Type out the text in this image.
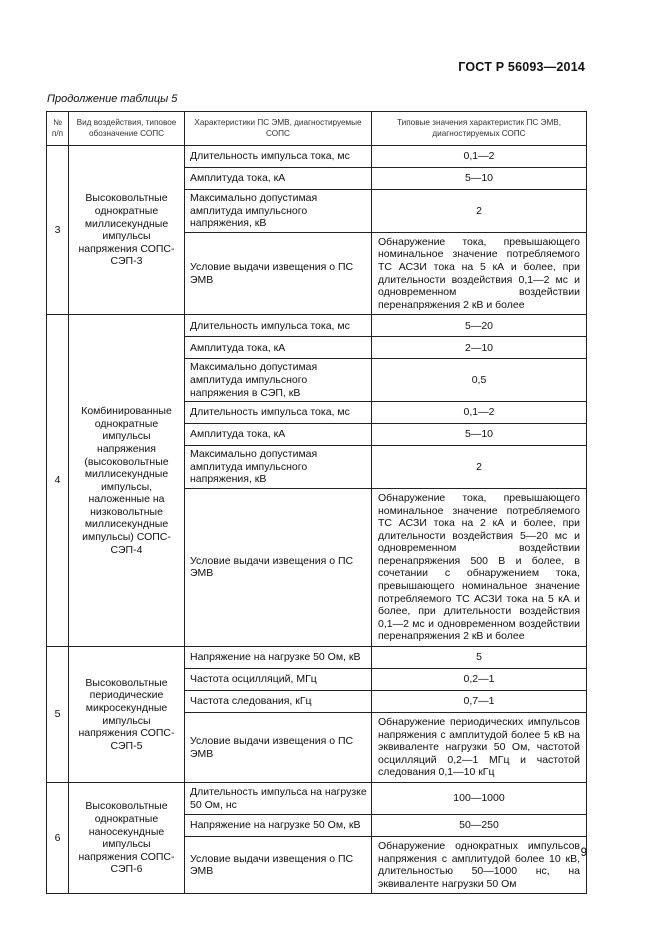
ГОСТ Р 56093—2014
Продолжение таблицы 5
№ п/п	Вид воздействия, типовое обозначение СОПС	Характеристики ПС ЭМВ, диагностируемые СОПС	Типовые значения характеристик ПС ЭМВ, диагностируемых СОПС
3	Высоковольтные однократные миллисекундные импульсы напряжения СОПС-СЭП-3	Длительность импульса тока, мс	0,1—2
		Амплитуда тока, кА	5—10
		Максимально допустимая амплитуда импульсного напряжения, кВ	2
		Условие выдачи извещения о ПС ЭМВ	Обнаружение тока, превышающего номинальное значение потребляемого ТС АСЗИ тока на 5 кА и более, при длительности воздействия 0,1—2 мс и одновременном воздействии перенапряжения 2 кВ и более
4	Комбинированные однократные импульсы напряжения (высоковольтные миллисекундные импульсы, наложенные на низковольтные миллисекундные импульсы) СОПС-СЭП-4	Длительность импульса тока, мс	5—20
		Амплитуда тока, кА	2—10
		Максимально допустимая амплитуда импульсного напряжения в СЭП, кВ	0,5
		Длительность импульса тока, мс	0,1—2
		Амплитуда тока, кА	5—10
		Максимально допустимая амплитуда импульсного напряжения, кВ	2
		Условие выдачи извещения о ПС ЭМВ	Обнаружение тока, превышающего номинальное значение потребляемого ТС АСЗИ тока на 2 кА и более, при длительности воздействия 5—20 мс и одновременном воздействии перенапряжения 500 В и более, в сочетании с обнаружением тока, превышающего номинальное значение потребляемого ТС АСЗИ тока на 5 кА и более, при длительности воздействия 0,1—2 мс и одновременном воздействии перенапряжения 2 кВ и более
5	Высоковольтные периодические микросекундные импульсы напряжения СОПС-СЭП-5	Напряжение на нагрузке 50 Ом, кВ	5
		Частота осцилляций, МГц	0,2—1
		Частота следования, кГц	0,7—1
		Условие выдачи извещения о ПС ЭМВ	Обнаружение периодических импульсов напряжения с амплитудой более 5 кВ на эквиваленте нагрузки 50 Ом, частотой осцилляций 0,2—1 МГц и частотой следования 0,1—10 кГц
6	Высоковольтные однократные наносекундные импульсы напряжения СОПС-СЭП-6	Длительность импульса на нагрузке 50 Ом, нс	100—1000
		Напряжение на нагрузке 50 Ом, кВ	50—250
		Условие выдачи извещения о ПС ЭМВ	Обнаружение однократных импульсов напряжения с амплитудой более 10 кВ, длительностью 50—1000 нс, на эквиваленте нагрузки 50 Ом
9
